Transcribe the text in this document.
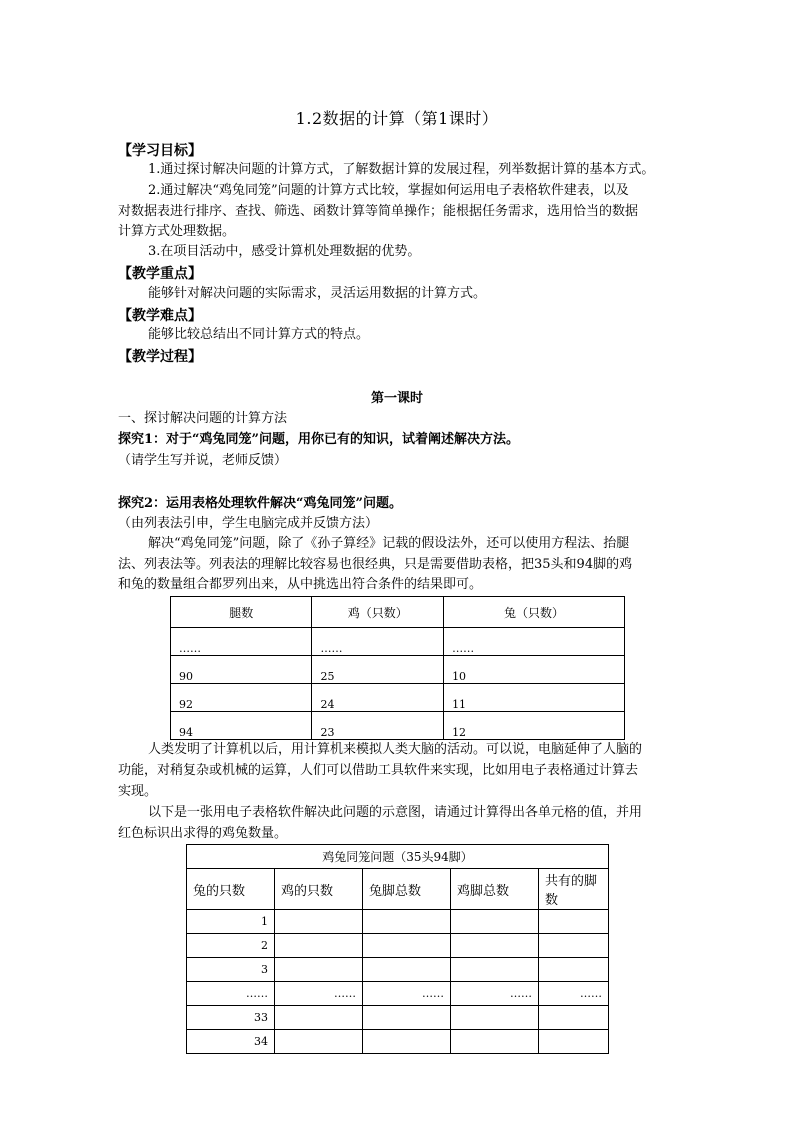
1.2数据的计算（第1课时）
【学习目标】
1.通过探讨解决问题的计算方式，了解数据计算的发展过程，列举数据计算的基本方式。
2.通过解决“鸡兔同笼”问题的计算方式比较，掌握如何运用电子表格软件建表，以及
对数据表进行排序、查找、筛选、函数计算等简单操作；能根据任务需求，选用恰当的数据
计算方式处理数据。
3.在项目活动中，感受计算机处理数据的优势。
【教学重点】
能够针对解决问题的实际需求，灵活运用数据的计算方式。
【教学难点】
能够比较总结出不同计算方式的特点。
【教学过程】
第一课时
一、探讨解决问题的计算方法
探究1：对于“鸡兔同笼”问题，用你已有的知识，试着阐述解决方法。
（请学生写并说，老师反馈）
探究2：运用表格处理软件解决“鸡兔同笼”问题。
（由列表法引申，学生电脑完成并反馈方法）
解决“鸡兔同笼”问题，除了《孙子算经》记载的假设法外，还可以使用方程法、抬腿
法、列表法等。列表法的理解比较容易也很经典，只是需要借助表格，把35头和94脚的鸡
和兔的数量组合都罗列出来，从中挑选出符合条件的结果即可。
腿数	鸡（只数）	兔（只数）
……	……	……
90	25	10
92	24	11
94	23	12
人类发明了计算机以后，用计算机来模拟人类大脑的活动。可以说，电脑延伸了人脑的
功能，对稍复杂或机械的运算，人们可以借助工具软件来实现，比如用电子表格通过计算去
实现。
以下是一张用电子表格软件解决此问题的示意图，请通过计算得出各单元格的值，并用
红色标识出求得的鸡兔数量。
鸡兔同笼问题（35头94脚）				
兔的只数	鸡的只数	兔脚总数	鸡脚总数	共有的脚数
1				
2				
3				
……	……	……	……	……
33				
34				
